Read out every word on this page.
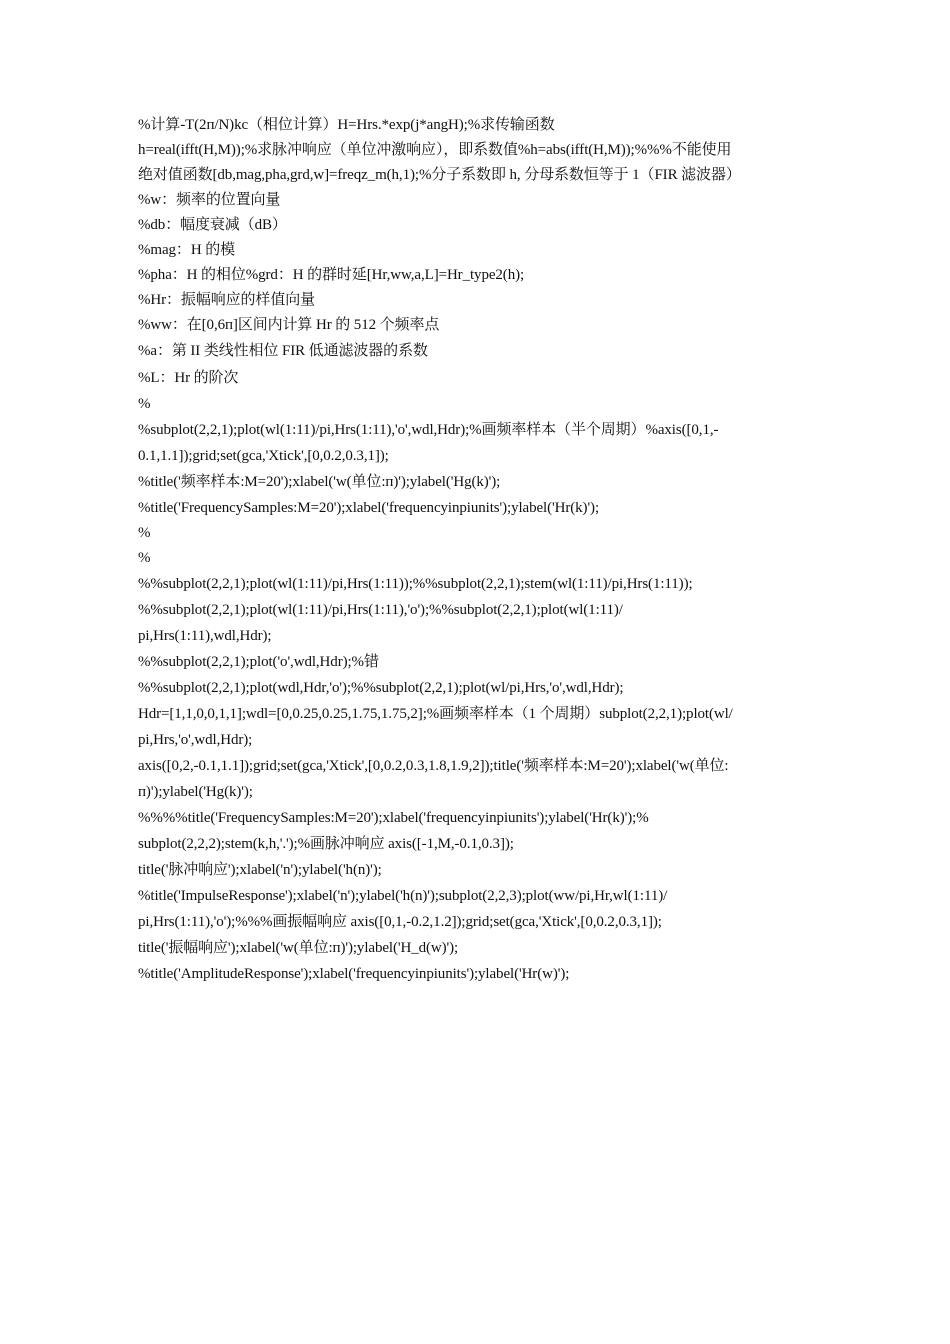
%计算-T(2п/N)kc（相位计算）H=Hrs.*exp(j*angH);%求传输函数
h=real(ifft(H,M));%求脉冲响应（单位冲激响应），即系数值%h=abs(ifft(H,M));%%%不能使用
绝对值函数[db,mag,pha,grd,w]=freqz_m(h,1);%分子系数即 h, 分母系数恒等于 1（FIR 滤波器）
%w：频率的位置向量
%db：幅度衰减（dB）
%mag：H 的模
%pha：H 的相位%grd：H 的群时延[Hr,ww,a,L]=Hr_type2(h);
%Hr：振幅响应的样值向量
%ww：在[0,6п]区间内计算 Hr 的 512 个频率点
%a：第 II 类线性相位 FIR 低通滤波器的系数
%L：Hr 的阶次
%
%subplot(2,2,1);plot(wl(1:11)/pi,Hrs(1:11),'o',wdl,Hdr);%画频率样本（半个周期）%axis([0,1,-
0.1,1.1]);grid;set(gca,'Xtick',[0,0.2,0.3,1]);
%title('频率样本:M=20');xlabel('w(单位:п)');ylabel('Hg(k)');
%title('FrequencySamples:M=20');xlabel('frequencyinpiunits');ylabel('Hr(k)');
%
%
%%subplot(2,2,1);plot(wl(1:11)/pi,Hrs(1:11));%%subplot(2,2,1);stem(wl(1:11)/pi,Hrs(1:11));
%%subplot(2,2,1);plot(wl(1:11)/pi,Hrs(1:11),'o');%%subplot(2,2,1);plot(wl(1:11)/
pi,Hrs(1:11),wdl,Hdr);
%%subplot(2,2,1);plot('o',wdl,Hdr);%错
%%subplot(2,2,1);plot(wdl,Hdr,'o');%%subplot(2,2,1);plot(wl/pi,Hrs,'o',wdl,Hdr);
Hdr=[1,1,0,0,1,1];wdl=[0,0.25,0.25,1.75,1.75,2];%画频率样本（1 个周期）subplot(2,2,1);plot(wl/
pi,Hrs,'o',wdl,Hdr);
axis([0,2,-0.1,1.1]);grid;set(gca,'Xtick',[0,0.2,0.3,1.8,1.9,2]);title('频率样本:M=20');xlabel('w(单位:
п)');ylabel('Hg(k)');
%%%%title('FrequencySamples:M=20');xlabel('frequencyinpiunits');ylabel('Hr(k)');%
subplot(2,2,2);stem(k,h,'.');%画脉冲响应 axis([-1,M,-0.1,0.3]);
title('脉冲响应');xlabel('n');ylabel('h(n)');
%title('ImpulseResponse');xlabel('n');ylabel('h(n)');subplot(2,2,3);plot(ww/pi,Hr,wl(1:11)/
pi,Hrs(1:11),'o');%%%画振幅响应 axis([0,1,-0.2,1.2]);grid;set(gca,'Xtick',[0,0.2,0.3,1]);
title('振幅响应');xlabel('w(单位:п)');ylabel('H_d(w)');
%title('AmplitudeResponse');xlabel('frequencyinpiunits');ylabel('Hr(w)');
